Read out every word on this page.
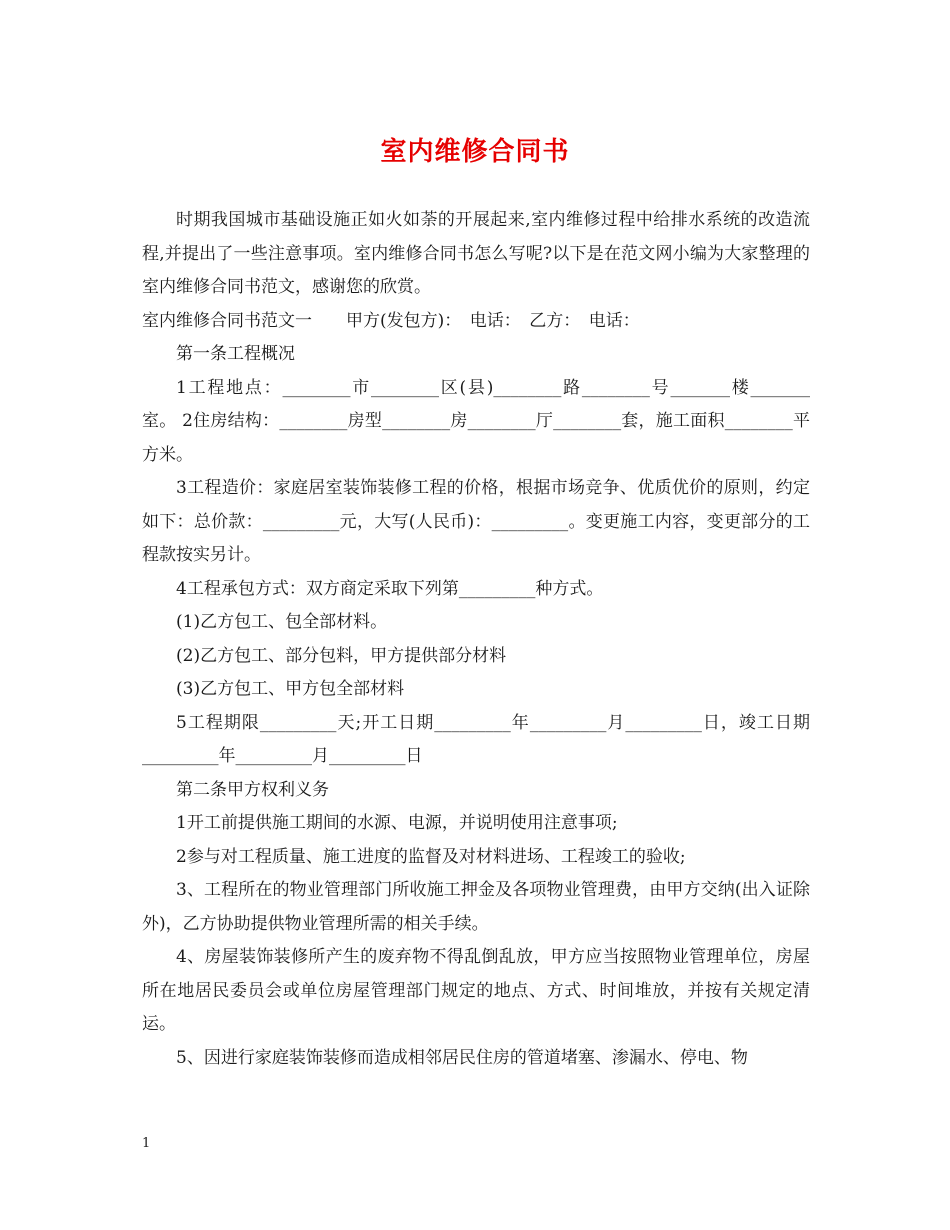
室内维修合同书

时期我国城市基础设施正如火如荼的开展起来,室内维修过程中给排水系统的改造流程,并提出了一些注意事项。室内维修合同书怎么写呢?以下是在范文网小编为大家整理的室内维修合同书范文，感谢您的欣赏。

室内维修合同书范文一　　甲方(发包方)：　电话：　乙方：　电话：

第一条工程概况

1工程地点：________市________区(县)________路________号_______楼_______室。 2住房结构：________房型________房________厅________套，施工面积________平方米。

3工程造价：家庭居室装饰装修工程的价格，根据市场竞争、优质优价的原则，约定如下：总价款：_________元，大写(人民币)：_________。变更施工内容，变更部分的工程款按实另计。

4工程承包方式：双方商定采取下列第_________种方式。

(1)乙方包工、包全部材料。

(2)乙方包工、部分包料，甲方提供部分材料

(3)乙方包工、甲方包全部材料

5工程期限_________天;开工日期_________年_________月_________日，竣工日期_________年_________月_________日

第二条甲方权利义务

1开工前提供施工期间的水源、电源，并说明使用注意事项;

2参与对工程质量、施工进度的监督及对材料进场、工程竣工的验收;

3、工程所在的物业管理部门所收施工押金及各项物业管理费，由甲方交纳(出入证除外)，乙方协助提供物业管理所需的相关手续。

4、房屋装饰装修所产生的废弃物不得乱倒乱放，甲方应当按照物业管理单位，房屋所在地居民委员会或单位房屋管理部门规定的地点、方式、时间堆放，并按有关规定清运。

5、因进行家庭装饰装修而造成相邻居民住房的管道堵塞、渗漏水、停电、物

1
